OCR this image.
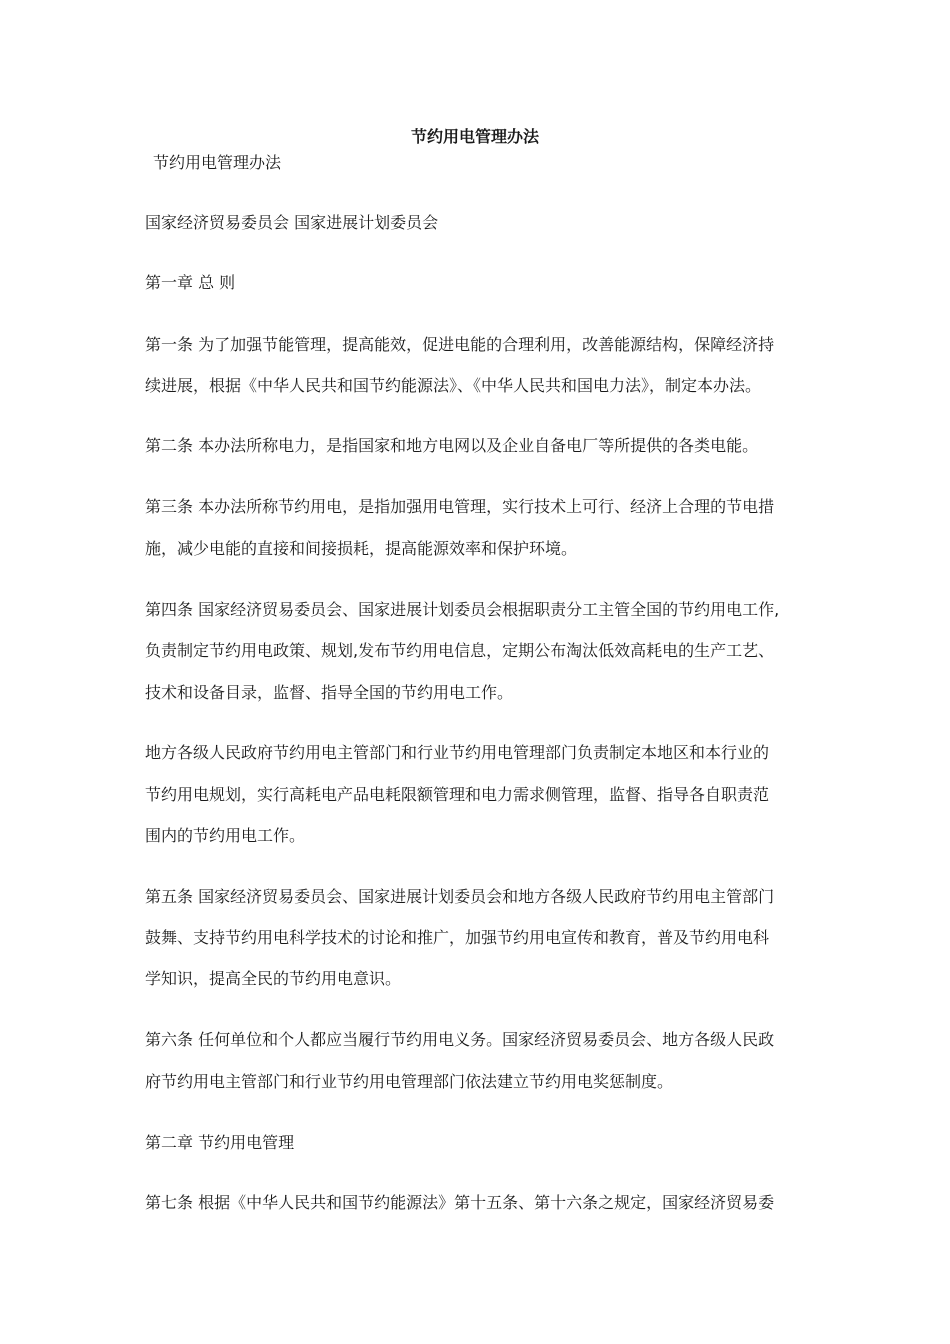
节约用电管理办法
节约用电管理办法
国家经济贸易委员会 国家进展计划委员会
第一章 总 则
第一条 为了加强节能管理，提高能效，促进电能的合理利用，改善能源结构，保障经济持
续进展，根据《中华人民共和国节约能源法》、《中华人民共和国电力法》，制定本办法。
第二条 本办法所称电力，是指国家和地方电网以及企业自备电厂等所提供的各类电能。
第三条 本办法所称节约用电，是指加强用电管理，实行技术上可行、经济上合理的节电措
施，减少电能的直接和间接损耗，提高能源效率和保护环境。
第四条 国家经济贸易委员会、国家进展计划委员会根据职责分工主管全国的节约用电工作,
负责制定节约用电政策、规划,发布节约用电信息，定期公布淘汰低效高耗电的生产工艺、
技术和设备目录，监督、指导全国的节约用电工作。
地方各级人民政府节约用电主管部门和行业节约用电管理部门负责制定本地区和本行业的
节约用电规划，实行高耗电产品电耗限额管理和电力需求侧管理，监督、指导各自职责范
围内的节约用电工作。
第五条 国家经济贸易委员会、国家进展计划委员会和地方各级人民政府节约用电主管部门
鼓舞、支持节约用电科学技术的讨论和推广，加强节约用电宣传和教育，普及节约用电科
学知识，提高全民的节约用电意识。
第六条 任何单位和个人都应当履行节约用电义务。国家经济贸易委员会、地方各级人民政
府节约用电主管部门和行业节约用电管理部门依法建立节约用电奖惩制度。
第二章 节约用电管理
第七条 根据《中华人民共和国节约能源法》第十五条、第十六条之规定，国家经济贸易委
